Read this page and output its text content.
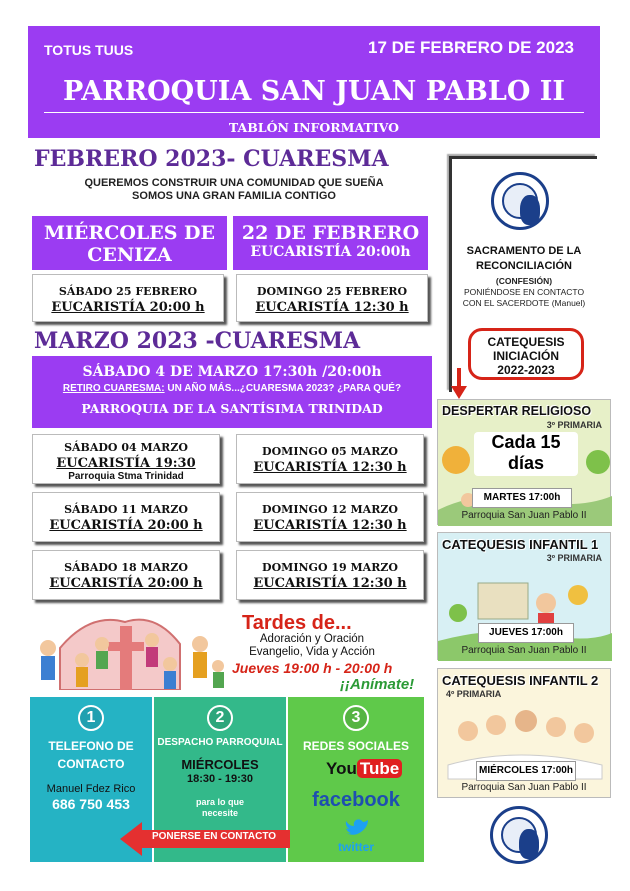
TOTUS TUUS	17 DE FEBRERO DE 2023
PARROQUIA SAN JUAN PABLO II
TABLÓN INFORMATIVO
FEBRERO 2023- CUARESMA
QUEREMOS CONSTRUIR UNA COMUNIDAD QUE SUEÑA
SOMOS UNA GRAN FAMILIA CONTIGO
MIÉRCOLES DE
CENIZA
22 DE FEBRERO
EUCARISTÍA 20:00h
SÁBADO 25 FEBRERO
EUCARISTÍA 20:00 h
DOMINGO 25 FEBRERO
EUCARISTÍA 12:30 h
MARZO 2023 -CUARESMA
SÁBADO 4 DE MARZO 17:30h /20:00h
RETIRO CUARESMA: UN AÑO MÁS...¿CUARESMA 2023? ¿PARA QUÉ?
PARROQUIA DE LA SANTÍSIMA TRINIDAD
SÁBADO 04 MARZO
EUCARISTÍA 19:30
Parroquia Stma Trinidad
DOMINGO 05 MARZO
EUCARISTÍA 12:30 h
SÁBADO 11 MARZO
EUCARISTÍA 20:00 h
DOMINGO 12 MARZO
EUCARISTÍA 12:30 h
SÁBADO 18 MARZO
EUCARISTÍA 20:00 h
DOMINGO 19 MARZO
EUCARISTÍA 12:30 h
Tardes de...
Adoración y Oración
Evangelio, Vida y Acción
Jueves 19:00 h - 20:00 h
¡¡Anímate!
1
TELEFONO DE
CONTACTO
Manuel Fdez Rico
686 750 453
2
DESPACHO PARROQUIAL
MIÉRCOLES
18:30 - 19:30
para lo que
necesite
3
REDES SOCIALES
You Tube
facebook
twitter
PONERSE EN CONTACTO
SACRAMENTO DE LA
RECONCILIACIÓN
(CONFESIÓN)
PONIÉNDOSE EN CONTACTO
CON EL SACERDOTE (Manuel)
CATEQUESIS
INICIACIÓN
2022-2023
DESPERTAR RELIGIOSO
3º PRIMARIA
Cada 15
días
MARTES 17:00h
Parroquia San Juan Pablo II
CATEQUESIS INFANTIL 1
3º PRIMARIA
JUEVES 17:00h
Parroquia San Juan Pablo II
CATEQUESIS INFANTIL 2
4º PRIMARIA
MIÉRCOLES 17:00h
Parroquia San Juan Pablo II
